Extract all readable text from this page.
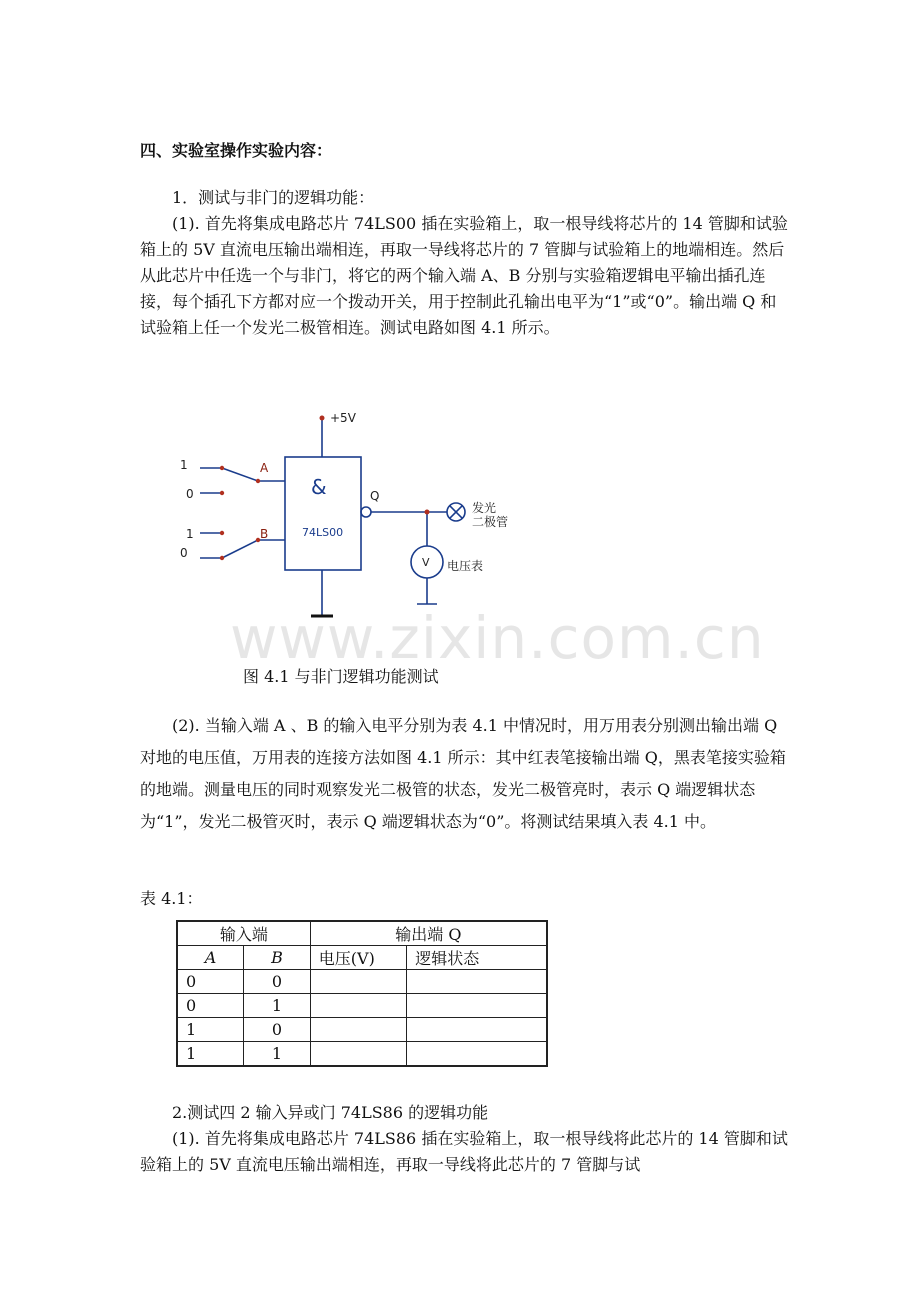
四、实验室操作实验内容：

1．测试与非门的逻辑功能：

(1). 首先将集成电路芯片 74LS00 插在实验箱上，取一根导线将芯片的 14 管脚和试验箱上的 5V 直流电压输出端相连，再取一导线将芯片的 7 管脚与试验箱上的地端相连。然后从此芯片中任选一个与非门，将它的两个输入端 A、B 分别与实验箱逻辑电平输出插孔连接，每个插孔下方都对应一个拨动开关，用于控制此孔输出电平为“1”或“0”。输出端 Q 和试验箱上任一个发光二极管相连。测试电路如图 4.1 所示。

+5V
1
0
1
0
A
B
&
74LS00
Q
发光
二极管
V 电压表
www.zixin.com.cn
图 4.1 与非门逻辑功能测试

(2). 当输入端 A 、B 的输入电平分别为表 4.1 中情况时，用万用表分别测出输出端 Q 对地的电压值，万用表的连接方法如图 4.1 所示：其中红表笔接输出端 Q，黑表笔接实验箱的地端。测量电压的同时观察发光二极管的状态，发光二极管亮时，表示 Q 端逻辑状态为“1”，发光二极管灭时，表示 Q 端逻辑状态为“0”。将测试结果填入表 4.1 中。

表 4.1：

输入端		输出端 Q	
A	B	电压(V)	逻辑状态
0	0		
0	1		
1	0		
1	1		

2.测试四 2 输入异或门 74LS86 的逻辑功能

(1). 首先将集成电路芯片 74LS86 插在实验箱上，取一根导线将此芯片的 14 管脚和试验箱上的 5V 直流电压输出端相连，再取一导线将此芯片的 7 管脚与试
